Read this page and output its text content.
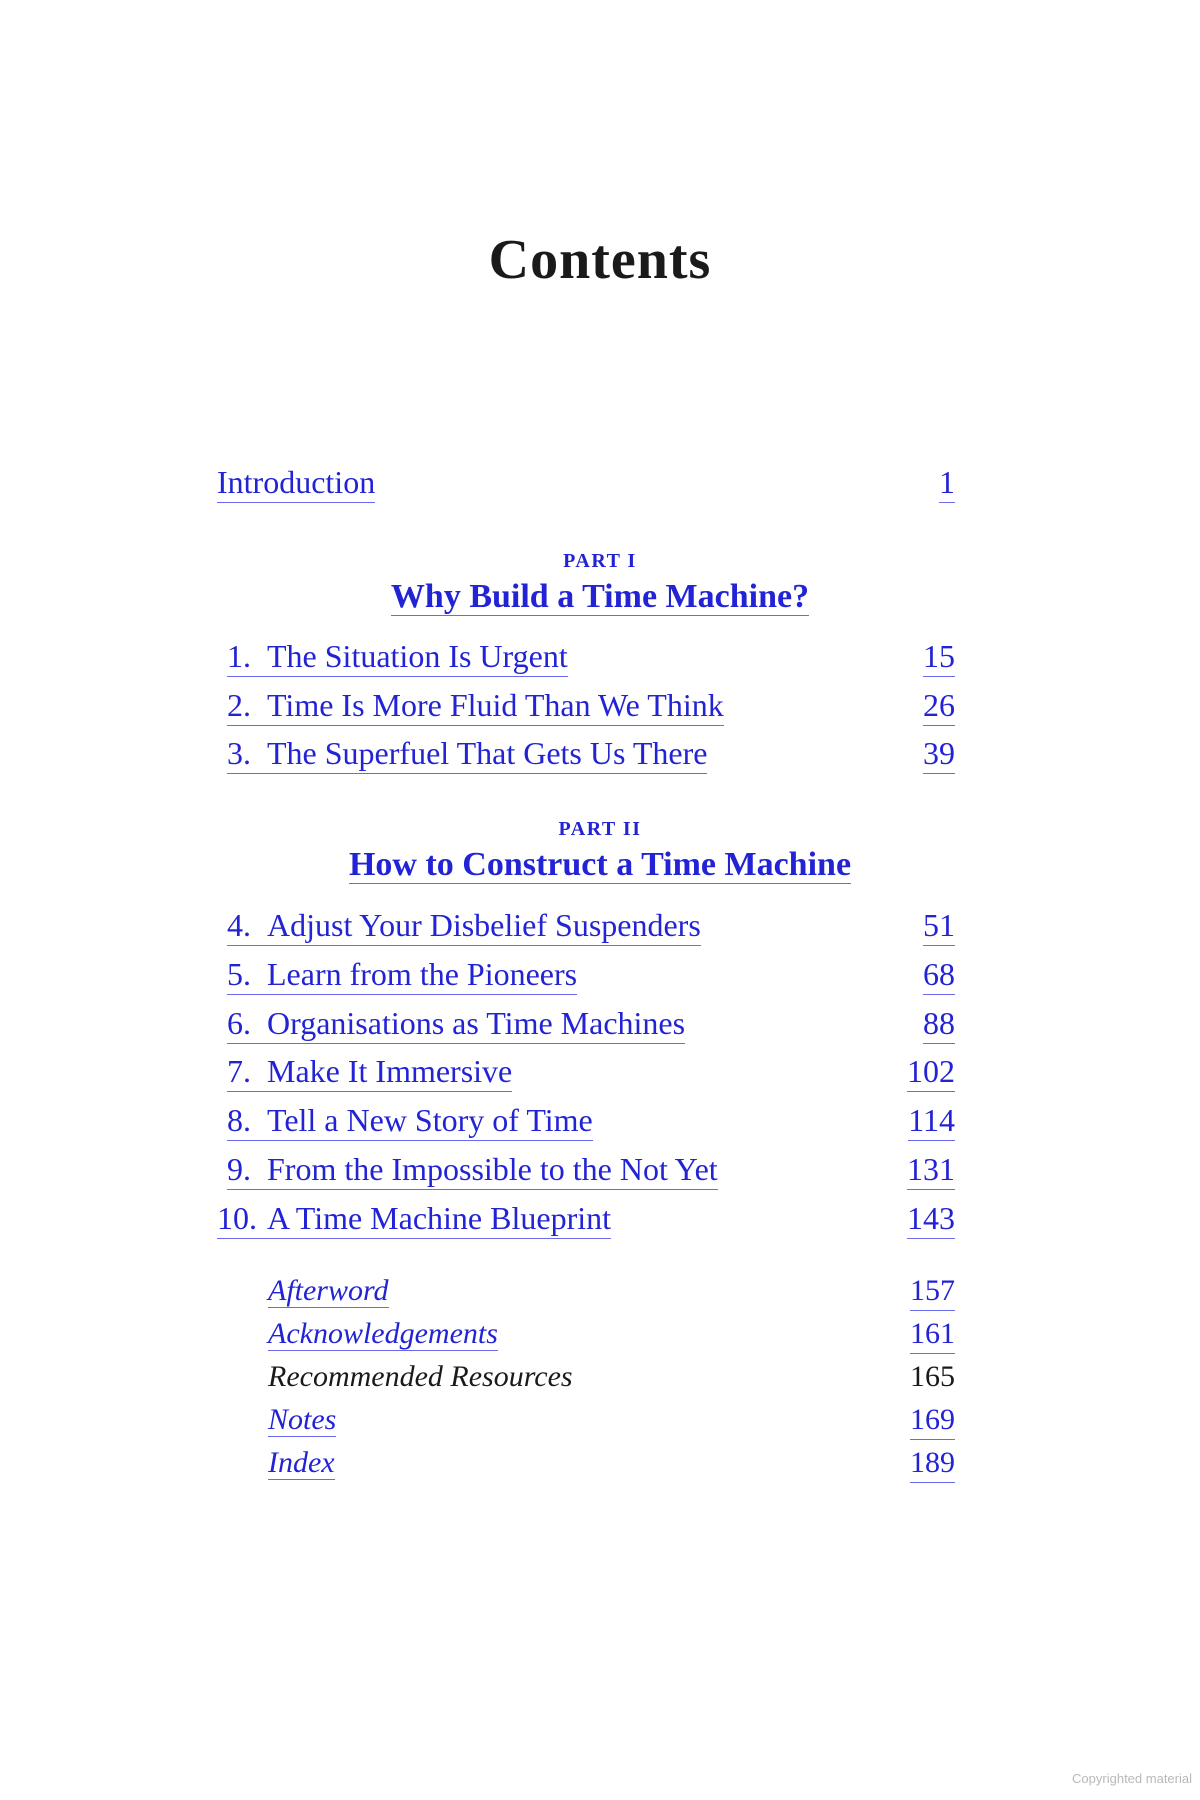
Contents
Introduction	1
PART I
Why Build a Time Machine?
1. The Situation Is Urgent	15
2. Time Is More Fluid Than We Think	26
3. The Superfuel That Gets Us There	39
PART II
How to Construct a Time Machine
4. Adjust Your Disbelief Suspenders	51
5. Learn from the Pioneers	68
6. Organisations as Time Machines	88
7. Make It Immersive	102
8. Tell a New Story of Time	114
9. From the Impossible to the Not Yet	131
10. A Time Machine Blueprint	143
Afterword	157
Acknowledgements	161
Recommended Resources	165
Notes	169
Index	189
Copyrighted material
